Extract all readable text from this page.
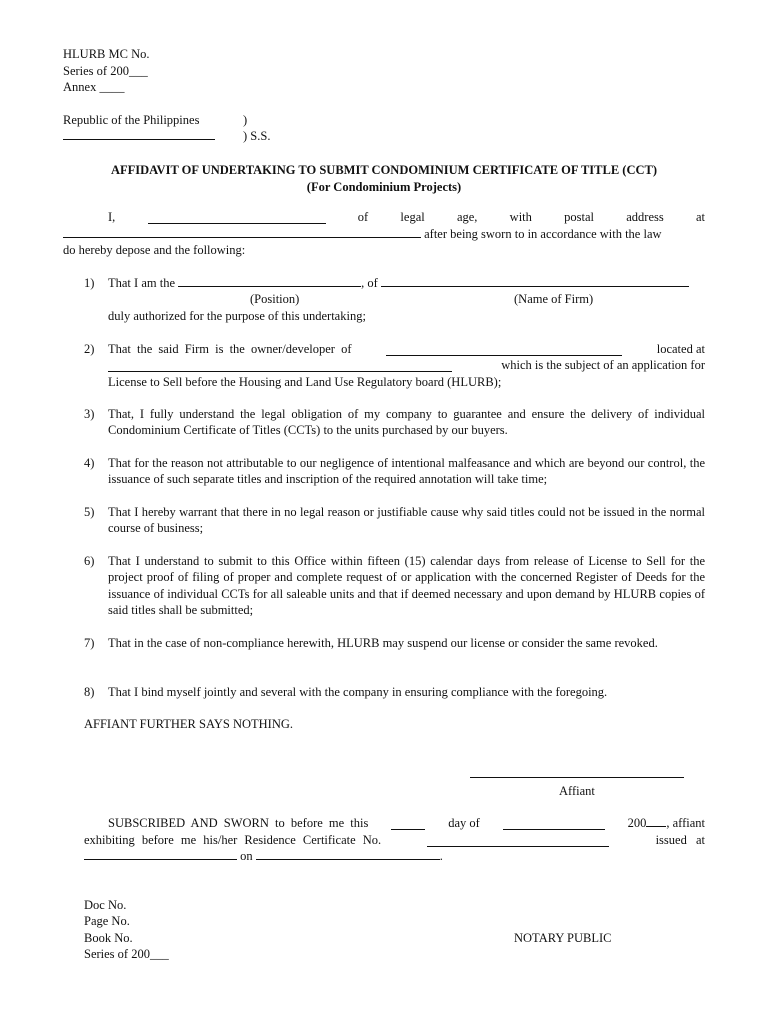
HLURB MC No.
Series of 200___
Annex ____
Republic of the Philippines	)
) S.S.
AFFIDAVIT OF UNDERTAKING TO SUBMIT CONDOMINIUM CERTIFICATE OF TITLE (CCT)
(For Condominium Projects)
I,	of	legal	age,	with	postal	address	at
after being sworn to in accordance with the law
do hereby depose and the following:
1)	That I am the	, of
(Position)	(Name of Firm)
duly authorized for the purpose of this undertaking;
2)	That the said Firm is the owner/developer of	located at
which is the subject of an application for
License to Sell before the Housing and Land Use Regulatory board (HLURB);
3)	That, I fully understand the legal obligation of my company to guarantee and ensure the delivery of individual Condominium Certificate of Titles (CCTs) to the units purchased by our buyers.
4)	That for the reason not attributable to our negligence of intentional malfeasance and which are beyond our control, the issuance of such separate titles and inscription of the required annotation will take time;
5)	That I hereby warrant that there in no legal reason or justifiable cause why said titles could not be issued in the normal course of business;
6)	That I understand to submit to this Office within fifteen (15) calendar days from release of License to Sell for the project proof of filing of proper and complete request of or application with the concerned Register of Deeds for the issuance of individual CCTs for all saleable units and that if deemed necessary and upon demand by HLURB copies of said titles shall be submitted;
7)	That in the case of non-compliance herewith, HLURB may suspend our license or consider the same revoked.
8)	That I bind myself jointly and several with the company in ensuring compliance with the foregoing.
AFFIANT FURTHER SAYS NOTHING.
Affiant
SUBSCRIBED AND SWORN to before me this	day of	200 , affiant
exhibiting before me his/her Residence Certificate No.	issued at
on	.
Doc No.
Page No.
Book No.
Series of 200___
NOTARY PUBLIC
